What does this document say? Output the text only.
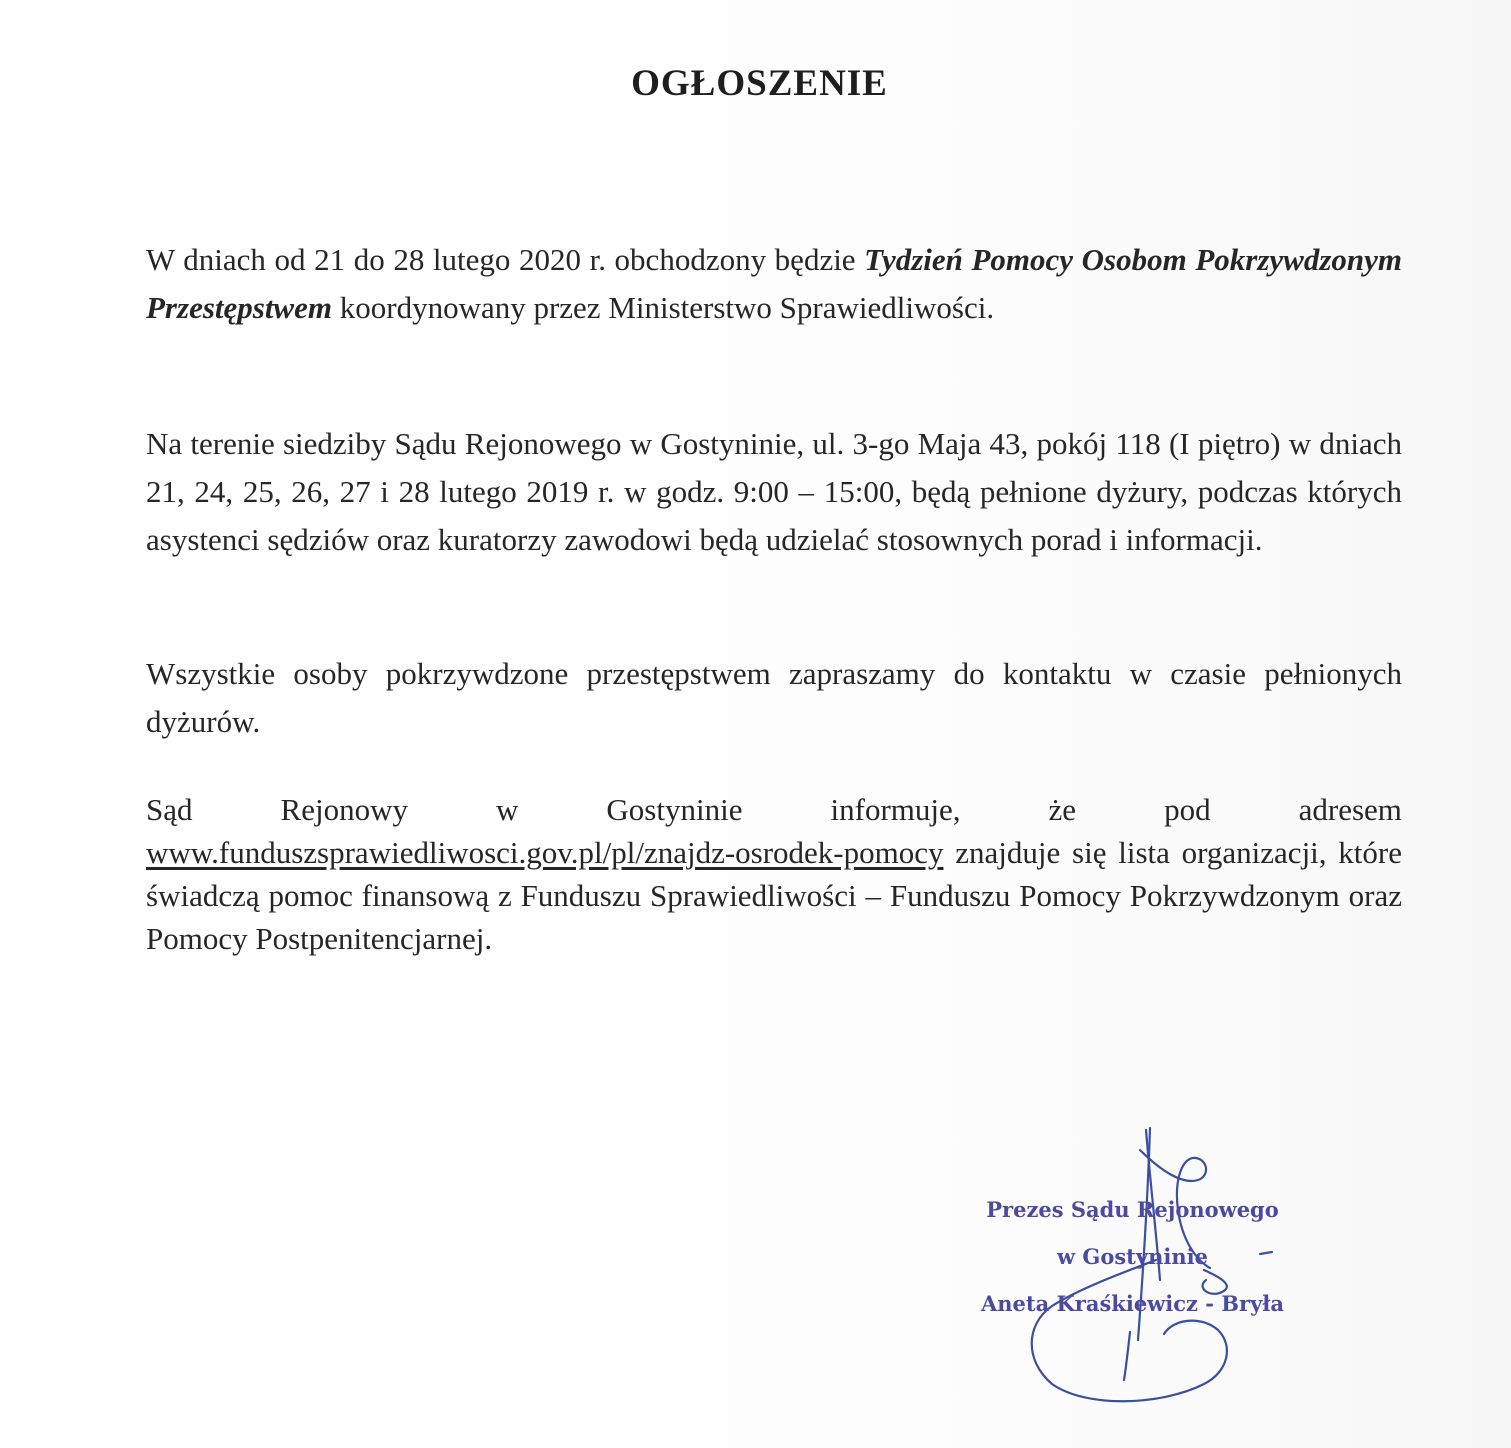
OGŁOSZENIE
W dniach od 21 do 28 lutego 2020 r. obchodzony będzie Tydzień Pomocy Osobom Pokrzywdzonym Przestępstwem koordynowany przez Ministerstwo Sprawiedliwości.
Na terenie siedziby Sądu Rejonowego w Gostyninie, ul. 3-go Maja 43, pokój 118 (I piętro) w dniach 21, 24, 25, 26, 27 i 28 lutego 2019 r. w godz. 9:00 – 15:00, będą pełnione dyżury, podczas których asystenci sędziów oraz kuratorzy zawodowi będą udzielać stosownych porad i informacji.
Wszystkie osoby pokrzywdzone przestępstwem zapraszamy do kontaktu w czasie pełnionych dyżurów.
Sąd	Rejonowy	w	Gostyninie	informuje,	że	pod	adresem
www.funduszsprawiedliwosci.gov.pl/pl/znajdz-osrodek-pomocy znajduje się lista organizacji, które świadczą pomoc finansową z Funduszu Sprawiedliwości – Funduszu Pomocy Pokrzywdzonym oraz Pomocy Postpenitencjarnej.
Prezes Sądu Rejonowego
w Gostyninie
Aneta Kraśkiewicz - Bryła
